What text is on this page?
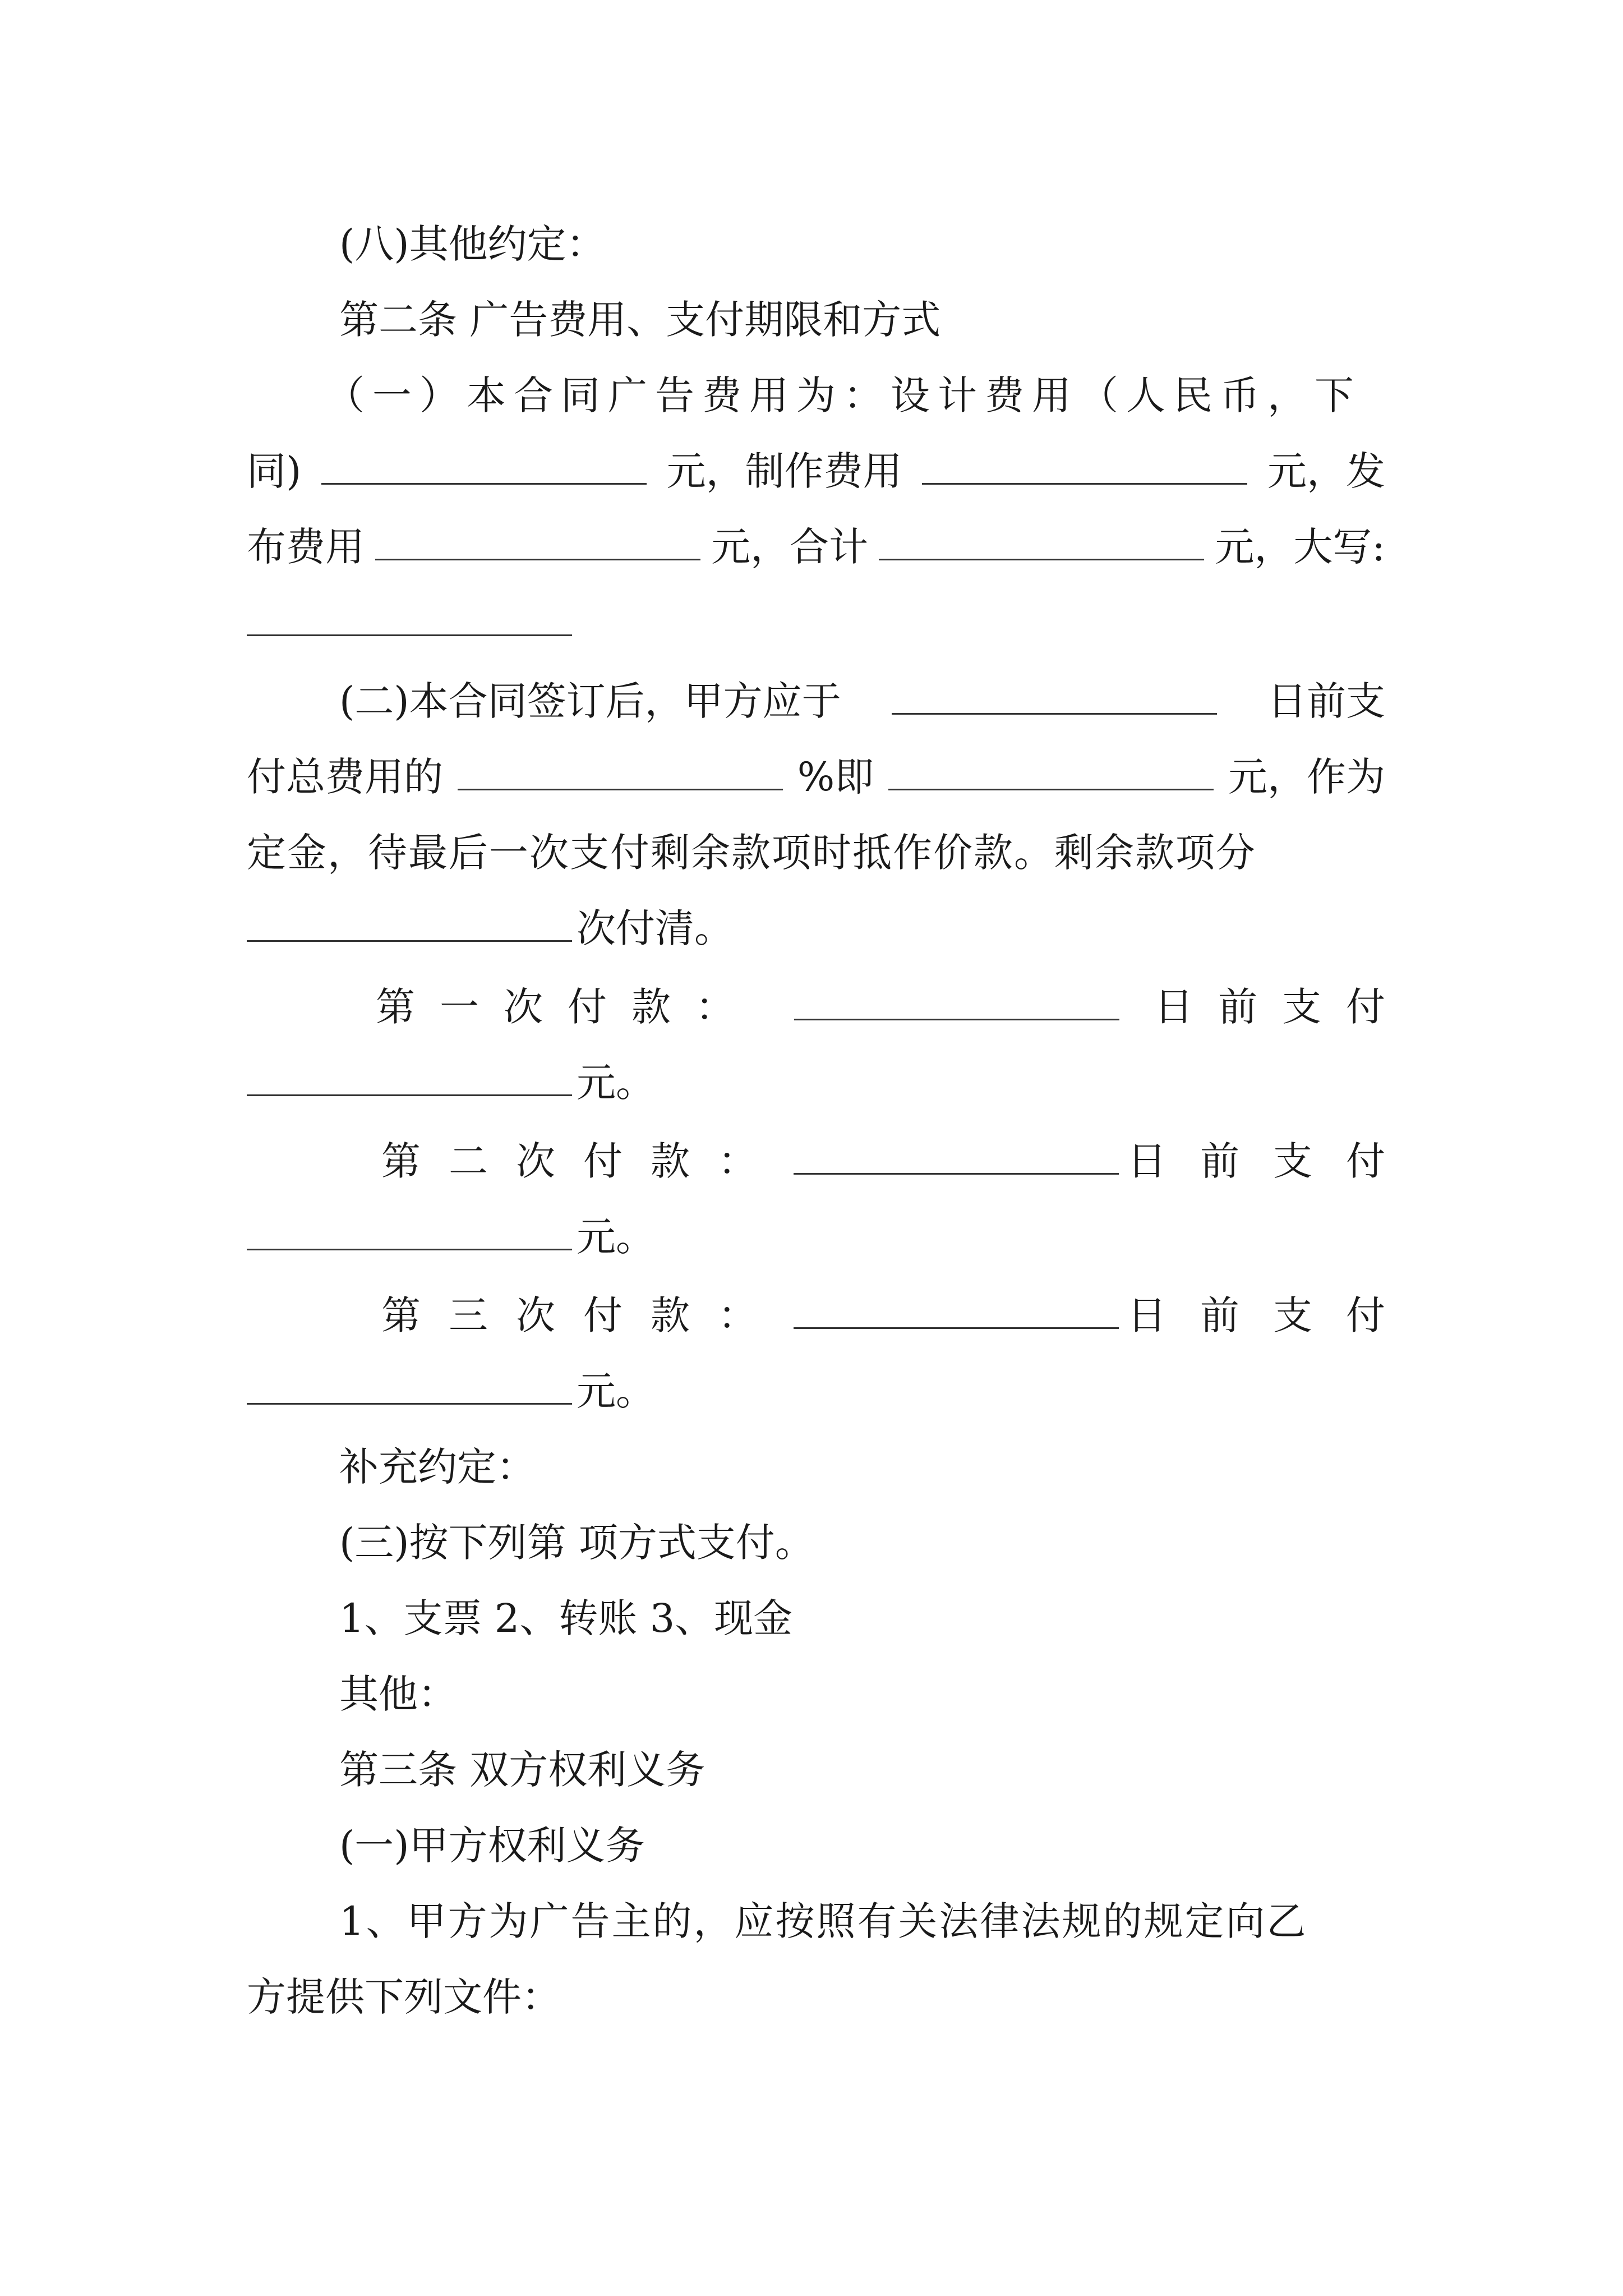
(八)其他约定：
第二条 广告费用、支付期限和方式
（一）本合同广告费用为：设计费用（人民币，下
同)	元，制作费用	元，发
布费用	元，合计	元，大写:
(二)本合同签订后，甲方应于	日前支
付总费用的	%即	元，作为
定金，待最后一次支付剩余款项时抵作价款。剩余款项分
次付清。
第一次付款：	日前支付
元。
第二次付款：	日前支付
元。
第三次付款：	日前支付
元。
补充约定：
(三)按下列第 项方式支付。
1、支票 2、转账 3、现金
其他：
第三条 双方权利义务
(一)甲方权利义务
1、甲方为广告主的，应按照有关法律法规的规定向乙
方提供下列文件：
